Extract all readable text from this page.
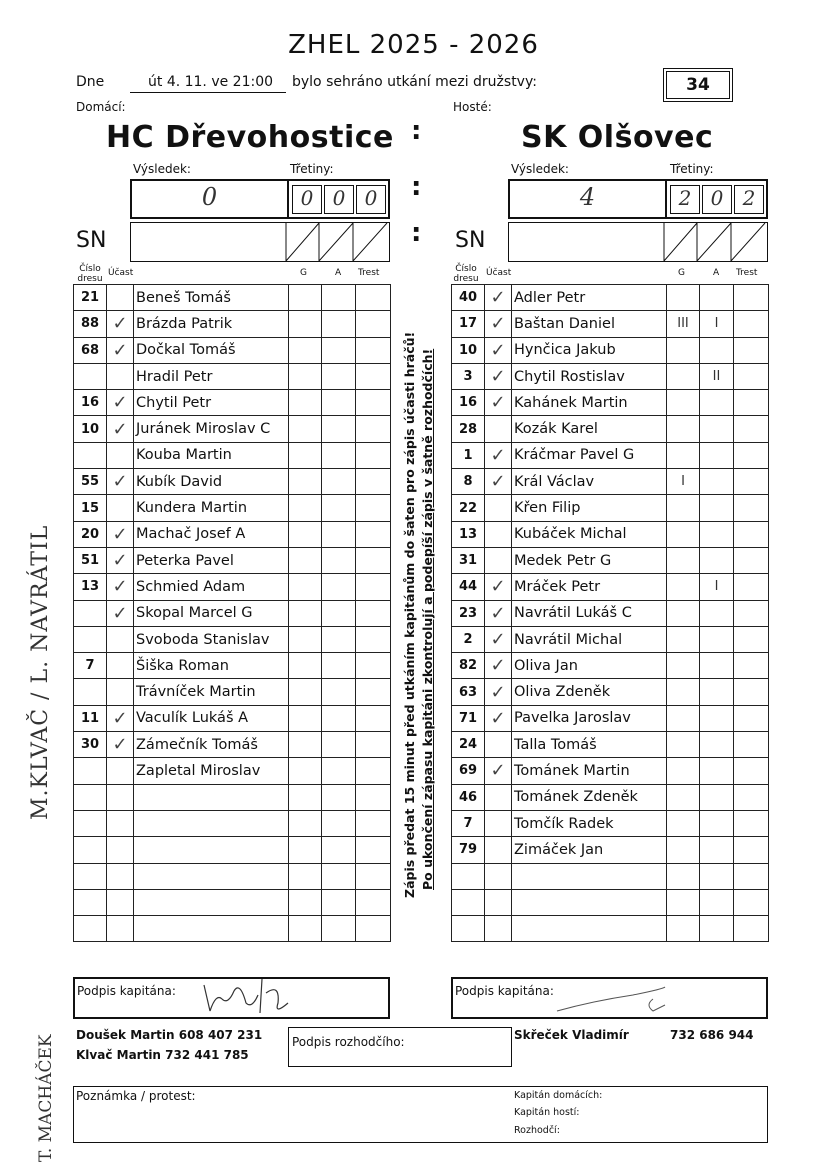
ZHEL 2025 - 2026
Dne	út 4. 11. ve 21:00 bylo sehráno utkání mezi družstvy:	34
Domácí:	Hosté:
HC Dřevohostice :	SK Olšovec
Výsledek:	Třetiny:
0	0 0 0	:
Výsledek:	Třetiny:
4	2 0 2
SN	: SN
Číslo dresu
Účast	G	A Trest	Číslo dresu
Účast	G	A Trest
21		Beneš Tomáš			
88	✓	Brázda Patrik			
68	✓	Dočkal Tomáš			
		Hradil Petr			
16	✓	Chytil Petr			
10	✓	Juránek Miroslav C			
		Kouba Martin			
55	✓	Kubík David			
15		Kundera Martin			
20	✓	Machač Josef A			
51	✓	Peterka Pavel			
13	✓	Schmied Adam			
	✓	Skopal Marcel G			
		Svoboda Stanislav			
7		Šiška Roman			
		Trávníček Martin			
11	✓	Vaculík Lukáš A			
30	✓	Zámečník Tomáš			
		Zapletal Miroslav			

40	✓	Adler Petr			
17	✓	Baštan Daniel	III	I	
10	✓	Hynčica Jakub			
3	✓	Chytil Rostislav		II	
16	✓	Kahánek Martin			
28		Kozák Karel			
1	✓	Kráčmar Pavel G			
8	✓	Král Václav	I		
22		Křen Filip			
13		Kubáček Michal			
31		Medek Petr G			
44	✓	Mráček Petr		I	
23	✓	Navrátil Lukáš C			
2	✓	Navrátil Michal			
82	✓	Oliva Jan			
63	✓	Oliva Zdeněk			
71	✓	Pavelka Jaroslav			
24		Talla Tomáš			
69	✓	Tománek Martin			
46		Tománek Zdeněk			
7		Tomčík Radek			
79		Zimáček Jan			

Zápis předat 15 minut před utkáním kapitánům do šaten pro zápis účasti hráčů! Po ukončení zápasu kapitáni zkontrolují a podepíší zápis v šatně rozhodčích!
M.KLVAČ / L. NAVRÁTIL
T. MACHÁČEK
Podpis kapitána:	Podpis kapitána:
Doušek Martin 608 407 231
Klvač Martin 732 441 785
Podpis rozhodčího:	Skřeček Vladimír	732 686 944
Poznámka / protest:	Kapitán domácích:
Kapitán hostí:
Rozhodčí:
